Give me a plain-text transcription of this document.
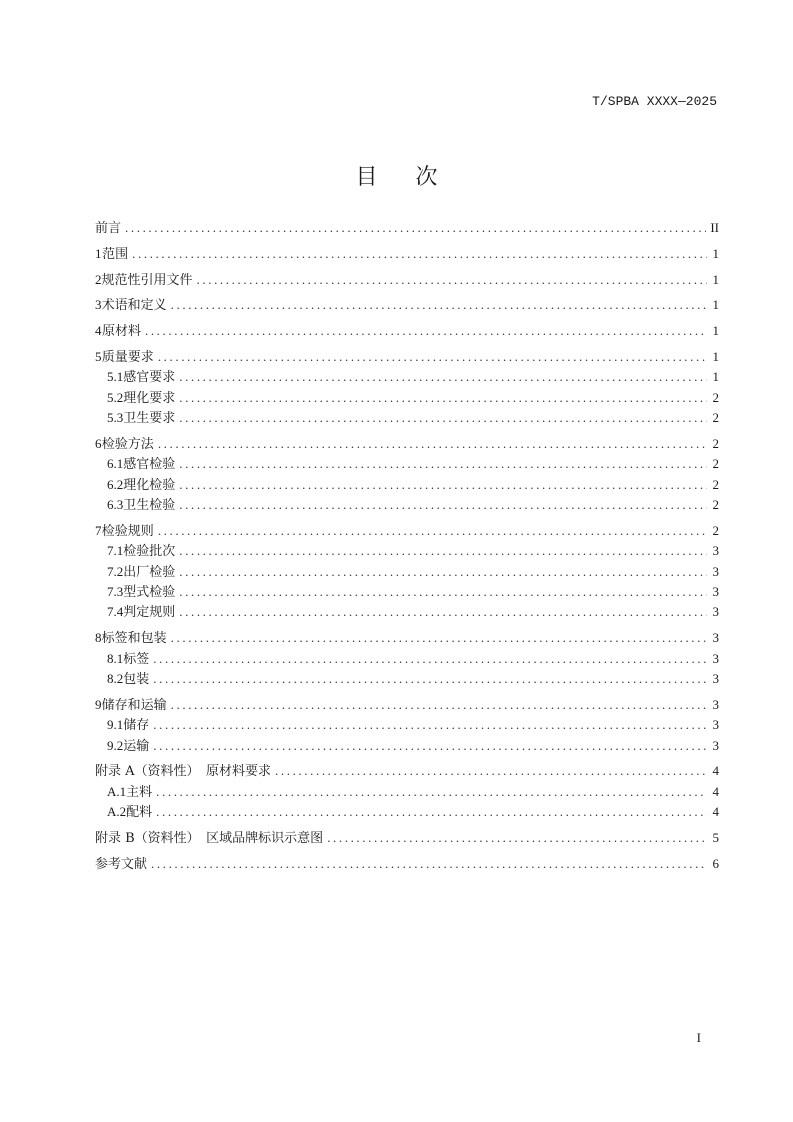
T/SPBA XXXX—2025
目次
前言 .....	II
1 范围 .....	1
2 规范性引用文件 .....	1
3 术语和定义 .....	1
4 原材料 .....	1
5 质量要求 .....	1
5.1 感官要求 .....	1
5.2 理化要求 .....	2
5.3 卫生要求 .....	2
6 检验方法 .....	2
6.1 感官检验 .....	2
6.2 理化检验 .....	2
6.3 卫生检验 .....	2
7 检验规则 .....	2
7.1 检验批次 .....	3
7.2 出厂检验 .....	3
7.3 型式检验 .....	3
7.4 判定规则 .....	3
8 标签和包装 .....	3
8.1 标签 .....	3
8.2 包装 .....	3
9 储存和运输 .....	3
9.1 储存 .....	3
9.2 运输 .....	3
附录 A（资料性）　原材料要求 .....	4
A.1 主料 .....	4
A.2 配料 .....	4
附录 B（资料性）　区域品牌标识示意图 .....	5
参考文献 .....	6
I
